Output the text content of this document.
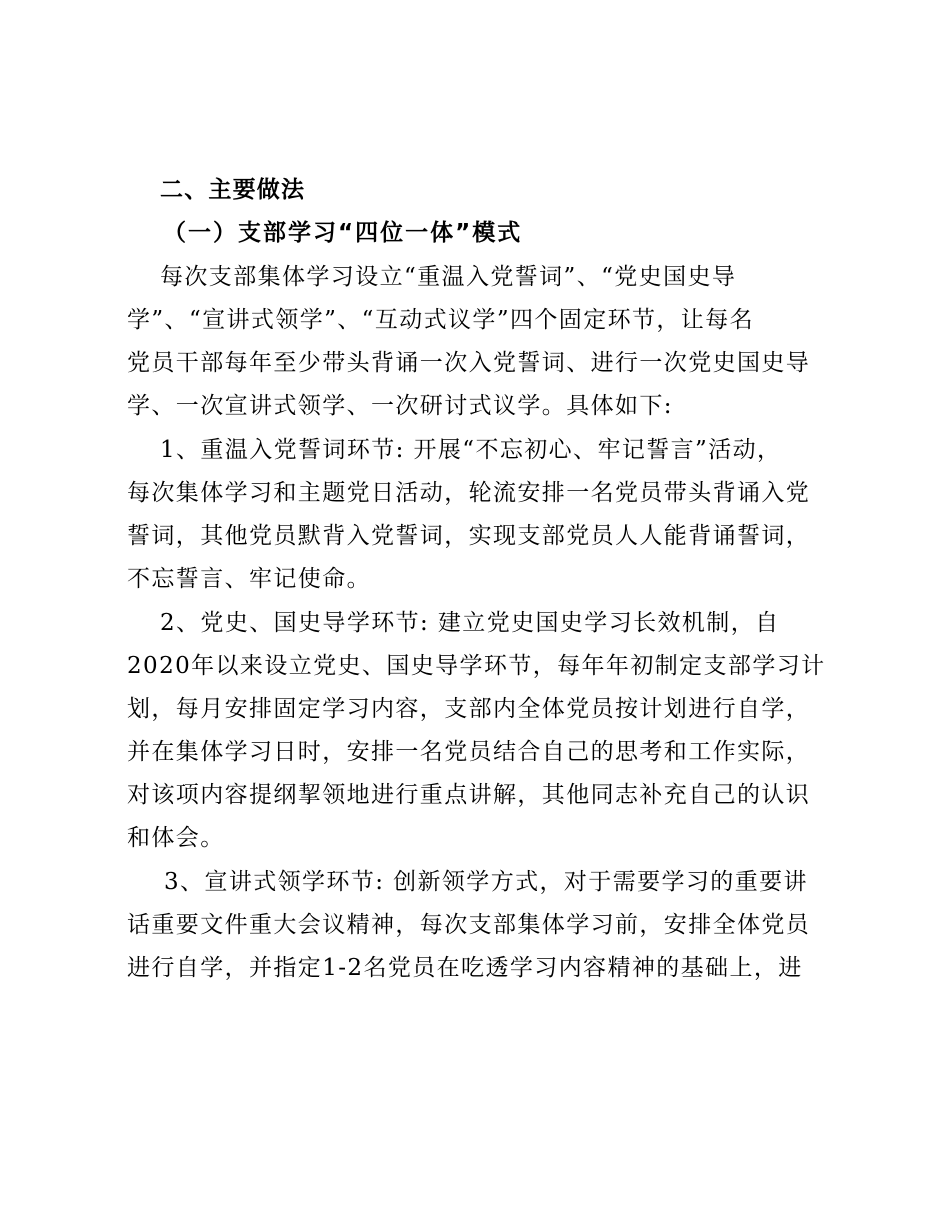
二、主要做法
（一）支部学习“四位一体”模式
每次支部集体学习设立“重温入党誓词”、“党史国史导
学”、“宣讲式领学”、“互动式议学”四个固定环节，让每名
党员干部每年至少带头背诵一次入党誓词、进行一次党史国史导
学、一次宣讲式领学、一次研讨式议学。具体如下:
1、重温入党誓词环节: 开展“不忘初心、牢记誓言”活动，
每次集体学习和主题党日活动，轮流安排一名党员带头背诵入党
誓词，其他党员默背入党誓词，实现支部党员人人能背诵誓词，
不忘誓言、牢记使命。
2、党史、国史导学环节: 建立党史国史学习长效机制，自
2020年以来设立党史、国史导学环节，每年年初制定支部学习计
划，每月安排固定学习内容，支部内全体党员按计划进行自学，
并在集体学习日时，安排一名党员结合自己的思考和工作实际，
对该项内容提纲挈领地进行重点讲解，其他同志补充自己的认识
和体会。
3、宣讲式领学环节: 创新领学方式，对于需要学习的重要讲
话重要文件重大会议精神，每次支部集体学习前，安排全体党员
进行自学，并指定1-2名党员在吃透学习内容精神的基础上，进
